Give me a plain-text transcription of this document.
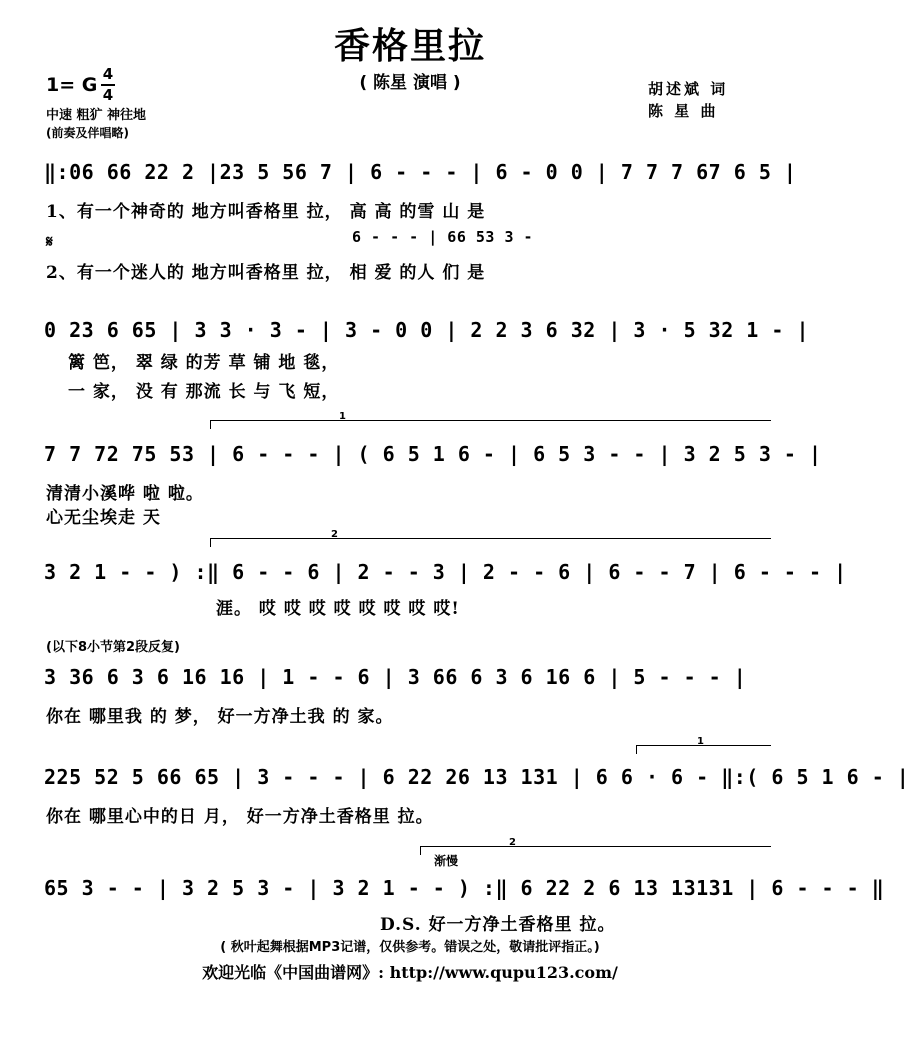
香格里拉
( 陈星 演唱 )
1= G 4
4
中速 粗犷 神往地
(前奏及伴唱略)
胡述斌 词
陈 星 曲
‖:06 66 22 2 |23 5 56 7 | 6 - - - | 6 - 0 0 | 7 7 7 67 6 5 |
1、有一个神奇的 地方叫香格里 拉， 高 高 的雪 山 是
𝄋	6 - - - | 66 53 3 -
2、有一个迷人的 地方叫香格里 拉， 相 爱 的人 们 是
0 23 6 65 | 3 3 · 3 - | 3 - 0 0 | 2 2 3 6 32 | 3 · 5 32 1 - |
篱 笆， 翠 绿 的芳 草 铺 地 毯，
一 家， 没 有 那流 长 与 飞 短，
1
7 7 72 75 53 | 6 - - - | ( 6 5 1 6 - | 6 5 3 - - | 3 2 5 3 - |
清清小溪哗 啦 啦。
心无尘埃走 天
2
3 2 1 - - ) :‖ 6 - - 6 | 2 - - 3 | 2 - - 6 | 6 - - 7 | 6 - - - |
涯。 哎 哎 哎 哎 哎 哎 哎 哎!
(以下8小节第2段反复)
3 36 6 3 6 16 16 | 1 - - 6 | 3 66 6 3 6 16 6 | 5 - - - |
你在 哪里我 的 梦， 好一方净土我 的 家。
1
225 52 5 66 65 | 3 - - - | 6 22 26 13 131 | 6 6 · 6 - ‖:( 6 5 1 6 - |
你在 哪里心中的日 月， 好一方净土香格里 拉。
渐慢
2
65 3 - - | 3 2 5 3 - | 3 2 1 - - ) :‖ 6 22 2 6 13 13131 | 6 - - - ‖
D.S. 好一方净土香格里 拉。
( 秋叶起舞根据MP3记谱，仅供参考。错误之处，敬请批评指正。)
欢迎光临《中国曲谱网》: http://www.qupu123.com/
